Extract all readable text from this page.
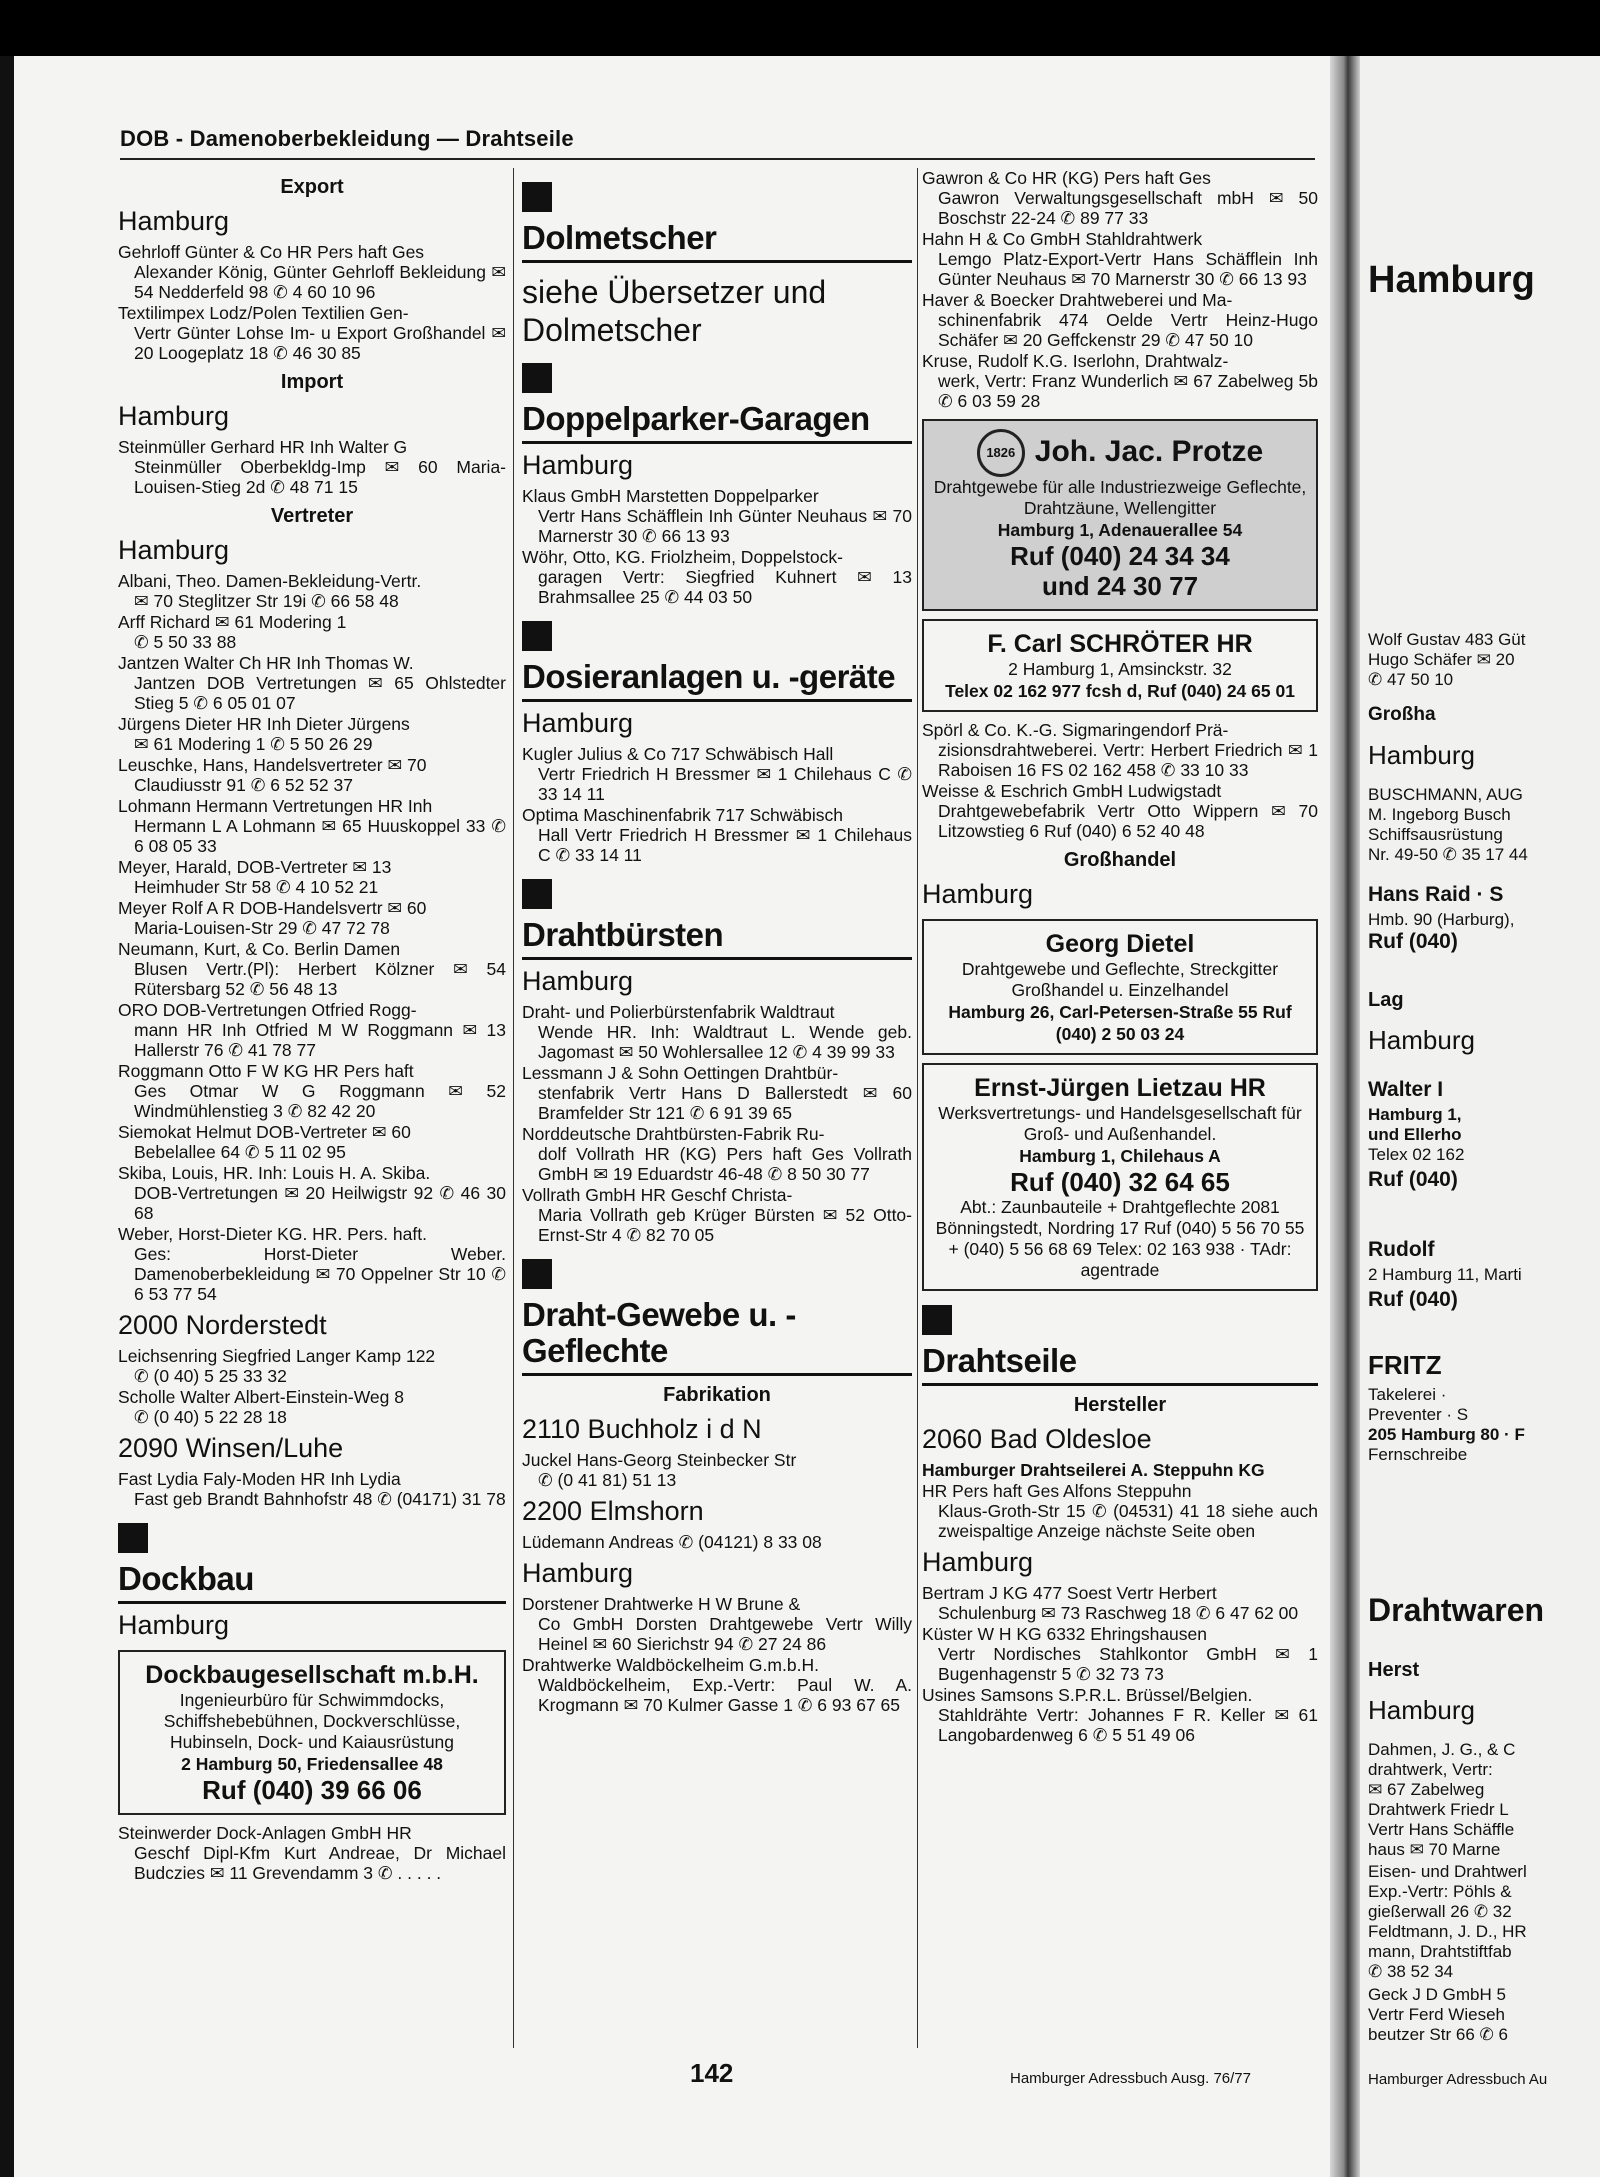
Hamburg
Wolf Gustav 483 Güt
Hugo Schäfer ✉ 20
✆ 47 50 10
Großha
Hamburg
BUSCHMANN, AUG
M. Ingeborg Busch
Schiffsausrüstung
Nr. 49-50 ✆ 35 17 44
Hans Raid · S
Hmb. 90 (Harburg),
Ruf (040)
Lag
Hamburg
Walter I
Hamburg 1,
und Ellerho
Telex 02 162
Ruf (040)
Rudolf
2 Hamburg 11, Marti
Ruf (040)
FRITZ
Takelerei ·
Preventer · S
205 Hamburg 80 · F
Fernschreibe
Drahtwaren
Herst
Hamburg
Dahmen, J. G., & C
drahtwerk, Vertr:
✉ 67 Zabelweg
Drahtwerk Friedr L
Vertr Hans Schäffle
haus ✉ 70 Marne
Eisen- und Drahtwerl
Exp.-Vertr: Pöhls &
gießerwall 26 ✆ 32
Feldtmann, J. D., HR
mann, Drahtstiftfab
✆ 38 52 34
Geck J D GmbH 5
Vertr Ferd Wieseh
beutzer Str 66 ✆ 6
Hamburger Adressbuch Au
DOB - Damenoberbekleidung — Drahtseile
Export
Hamburg
Gehrloff Günter & Co HR Pers haft Ges
Alexander König, Günter Gehrloff Bekleidung ✉ 54 Nedderfeld 98 ✆ 4 60 10 96
Textilimpex Lodz/Polen Textilien Gen-
Vertr Günter Lohse Im- u Export Großhandel ✉ 20 Loogeplatz 18 ✆ 46 30 85
Import
Hamburg
Steinmüller Gerhard HR Inh Walter G
Steinmüller Oberbekldg-Imp ✉ 60 Maria-Louisen-Stieg 2d ✆ 48 71 15
Vertreter
Hamburg
Albani, Theo. Damen-Bekleidung-Vertr.
✉ 70 Steglitzer Str 19i ✆ 66 58 48
Arff Richard ✉ 61 Modering 1
✆ 5 50 33 88
Jantzen Walter Ch HR Inh Thomas W.
Jantzen DOB Vertretungen ✉ 65 Ohlstedter Stieg 5 ✆ 6 05 01 07
Jürgens Dieter HR Inh Dieter Jürgens
✉ 61 Modering 1 ✆ 5 50 26 29
Leuschke, Hans, Handelsvertreter ✉ 70
Claudiusstr 91 ✆ 6 52 52 37
Lohmann Hermann Vertretungen HR Inh
Hermann L A Lohmann ✉ 65 Huuskoppel 33 ✆ 6 08 05 33
Meyer, Harald, DOB-Vertreter ✉ 13
Heimhuder Str 58 ✆ 4 10 52 21
Meyer Rolf A R DOB-Handelsvertr ✉ 60
Maria-Louisen-Str 29 ✆ 47 72 78
Neumann, Kurt, & Co. Berlin Damen
Blusen Vertr.(Pl): Herbert Kölzner ✉ 54 Rütersbarg 52 ✆ 56 48 13
ORO DOB-Vertretungen Otfried Rogg-
mann HR Inh Otfried M W Roggmann ✉ 13 Hallerstr 76 ✆ 41 78 77
Roggmann Otto F W KG HR Pers haft
Ges Otmar W G Roggmann ✉ 52 Windmühlenstieg 3 ✆ 82 42 20
Siemokat Helmut DOB-Vertreter ✉ 60
Bebelallee 64 ✆ 5 11 02 95
Skiba, Louis, HR. Inh: Louis H. A. Skiba.
DOB-Vertretungen ✉ 20 Heilwigstr 92 ✆ 46 30 68
Weber, Horst-Dieter KG. HR. Pers. haft.
Ges: Horst-Dieter Weber. Damenoberbekleidung ✉ 70 Oppelner Str 10 ✆ 6 53 77 54
2000 Norderstedt
Leichsenring Siegfried Langer Kamp 122
✆ (0 40) 5 25 33 32
Scholle Walter Albert-Einstein-Weg 8
✆ (0 40) 5 22 28 18
2090 Winsen/Luhe
Fast Lydia Faly-Moden HR Inh Lydia
Fast geb Brandt Bahnhofstr 48 ✆ (04171) 31 78
Dockbau
Hamburg
Dockbaugesellschaft m.b.H.
Ingenieurbüro für Schwimmdocks, Schiffshebebühnen, Dockverschlüsse, Hubinseln, Dock- und Kaiausrüstung
2 Hamburg 50, Friedensallee 48
Ruf (040) 39 66 06
Steinwerder Dock-Anlagen GmbH HR
Geschf Dipl-Kfm Kurt Andreae, Dr Michael Budczies ✉ 11 Grevendamm 3 ✆ . . . . .
Dolmetscher
siehe Übersetzer und Dolmetscher
Doppelparker-Garagen
Hamburg
Klaus GmbH Marstetten Doppelparker
Vertr Hans Schäfflein Inh Günter Neuhaus ✉ 70 Marnerstr 30 ✆ 66 13 93
Wöhr, Otto, KG. Friolzheim, Doppelstock-
garagen Vertr: Siegfried Kuhnert ✉ 13 Brahmsallee 25 ✆ 44 03 50
Dosieranlagen u. -geräte
Hamburg
Kugler Julius & Co 717 Schwäbisch Hall
Vertr Friedrich H Bressmer ✉ 1 Chilehaus C ✆ 33 14 11
Optima Maschinenfabrik 717 Schwäbisch
Hall Vertr Friedrich H Bressmer ✉ 1 Chilehaus C ✆ 33 14 11
Drahtbürsten
Hamburg
Draht- und Polierbürstenfabrik Waldtraut
Wende HR. Inh: Waldtraut L. Wende geb. Jagomast ✉ 50 Wohlersallee 12 ✆ 4 39 99 33
Lessmann J & Sohn Oettingen Drahtbür-
stenfabrik Vertr Hans D Ballerstedt ✉ 60 Bramfelder Str 121 ✆ 6 91 39 65
Norddeutsche Drahtbürsten-Fabrik Ru-
dolf Vollrath HR (KG) Pers haft Ges Vollrath GmbH ✉ 19 Eduardstr 46-48 ✆ 8 50 30 77
Vollrath GmbH HR Geschf Christa-
Maria Vollrath geb Krüger Bürsten ✉ 52 Otto-Ernst-Str 4 ✆ 82 70 05
Draht-Gewebe u. -Geflechte
Fabrikation
2110 Buchholz i d N
Juckel Hans-Georg Steinbecker Str
✆ (0 41 81) 51 13
2200 Elmshorn
Lüdemann Andreas ✆ (04121) 8 33 08
Hamburg
Dorstener Drahtwerke H W Brune &
Co GmbH Dorsten Drahtgewebe Vertr Willy Heinel ✉ 60 Sierichstr 94 ✆ 27 24 86
Drahtwerke Waldböckelheim G.m.b.H.
Waldböckelheim, Exp.-Vertr: Paul W. A. Krogmann ✉ 70 Kulmer Gasse 1 ✆ 6 93 67 65
Gawron & Co HR (KG) Pers haft Ges
Gawron Verwaltungsgesellschaft mbH ✉ 50 Boschstr 22-24 ✆ 89 77 33
Hahn H & Co GmbH Stahldrahtwerk
Lemgo Platz-Export-Vertr Hans Schäfflein Inh Günter Neuhaus ✉ 70 Marnerstr 30 ✆ 66 13 93
Haver & Boecker Drahtweberei und Ma-
schinenfabrik 474 Oelde Vertr Heinz-Hugo Schäfer ✉ 20 Geffckenstr 29 ✆ 47 50 10
Kruse, Rudolf K.G. Iserlohn, Drahtwalz-
werk, Vertr: Franz Wunderlich ✉ 67 Zabelweg 5b ✆ 6 03 59 28
1826 Joh. Jac. Protze
Drahtgewebe für alle Industriezweige Geflechte, Drahtzäune, Wellengitter
Hamburg 1, Adenauerallee 54
Ruf (040) 24 34 34
und 24 30 77
F. Carl SCHRÖTER HR
2 Hamburg 1, Amsinckstr. 32
Telex 02 162 977 fcsh d, Ruf (040) 24 65 01
Spörl & Co. K.-G. Sigmaringendorf Prä-
zisionsdrahtweberei. Vertr: Herbert Friedrich ✉ 1 Raboisen 16 FS 02 162 458 ✆ 33 10 33
Weisse & Eschrich GmbH Ludwigstadt
Drahtgewebefabrik Vertr Otto Wippern ✉ 70 Litzowstieg 6 Ruf (040) 6 52 40 48
Großhandel
Hamburg
Georg Dietel
Drahtgewebe und Geflechte, Streckgitter Großhandel u. Einzelhandel
Hamburg 26, Carl-Petersen-Straße 55 Ruf (040) 2 50 03 24
Ernst-Jürgen Lietzau HR
Werksvertretungs- und Handelsgesellschaft für Groß- und Außenhandel.
Hamburg 1, Chilehaus A
Ruf (040) 32 64 65
Abt.: Zaunbauteile + Drahtgeflechte 2081 Bönningstedt, Nordring 17 Ruf (040) 5 56 70 55 + (040) 5 56 68 69 Telex: 02 163 938 · TAdr: agentrade
Drahtseile
Hersteller
2060 Bad Oldesloe
Hamburger Drahtseilerei A. Steppuhn KG
HR Pers haft Ges Alfons Steppuhn
Klaus-Groth-Str 15 ✆ (04531) 41 18 siehe auch zweispaltige Anzeige nächste Seite oben
Hamburg
Bertram J KG 477 Soest Vertr Herbert
Schulenburg ✉ 73 Raschweg 18 ✆ 6 47 62 00
Küster W H KG 6332 Ehringshausen
Vertr Nordisches Stahlkontor GmbH ✉ 1 Bugenhagenstr 5 ✆ 32 73 73
Usines Samsons S.P.R.L. Brüssel/Belgien.
Stahldrähte Vertr: Johannes F R. Keller ✉ 61 Langobardenweg 6 ✆ 5 51 49 06
142	Hamburger Adressbuch Ausg. 76/77
